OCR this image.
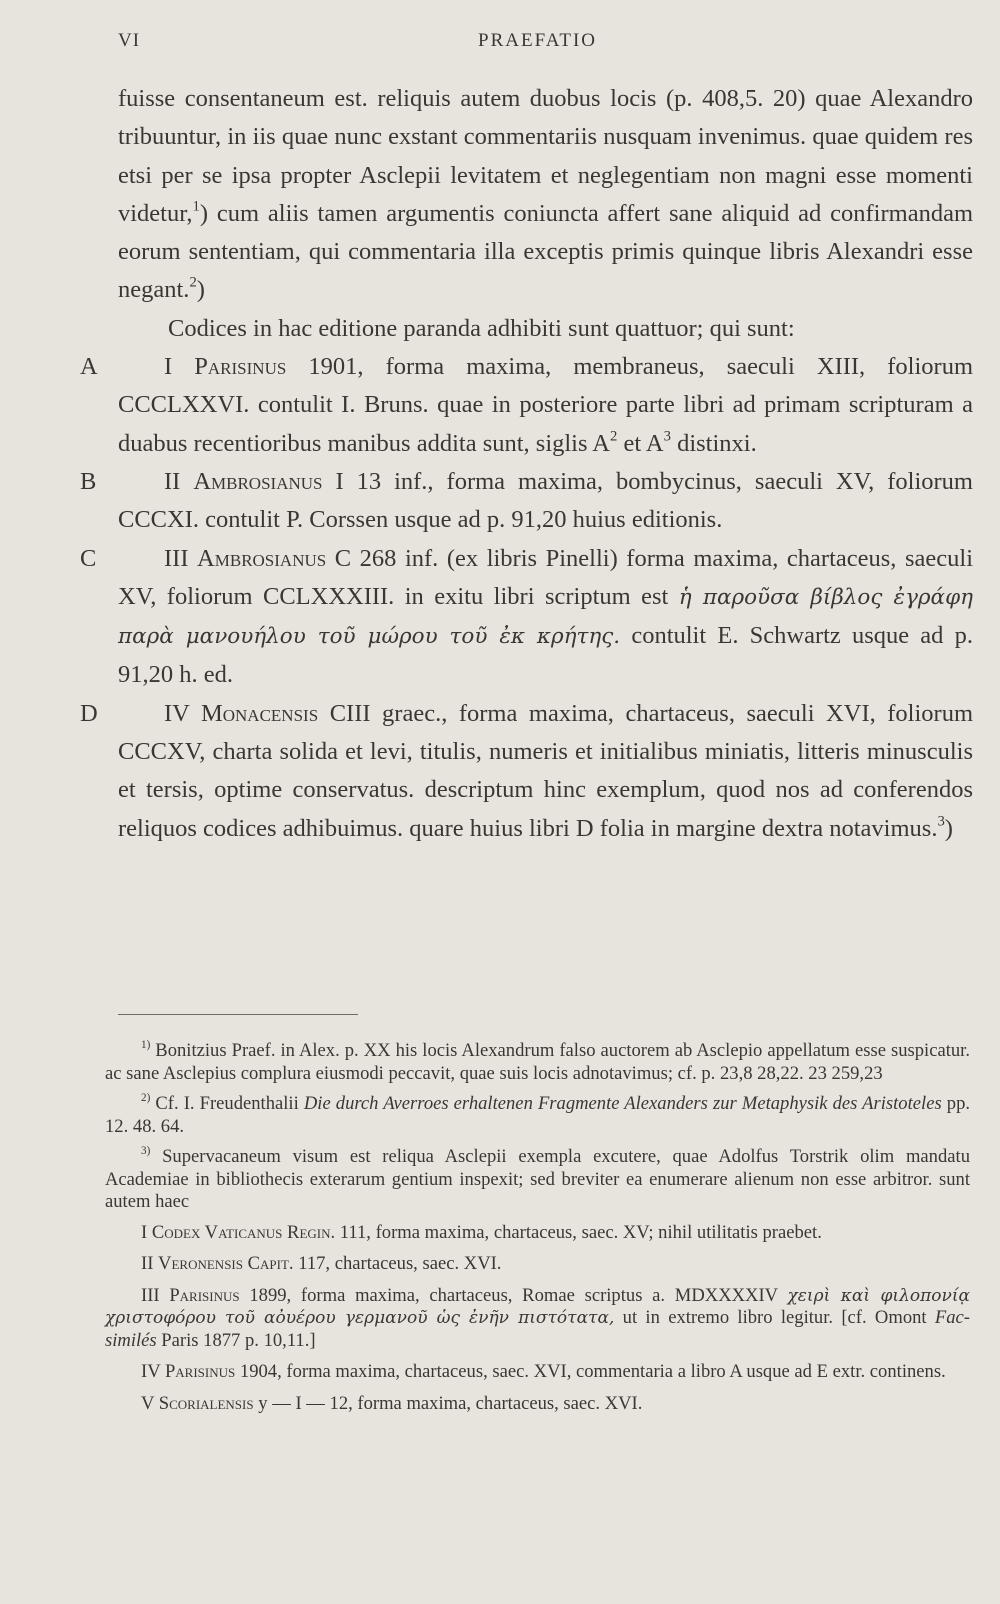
VI	PRAEFATIO

fuisse consentaneum est. reliquis autem duobus locis (p. 408,5. 20) quae Alexandro tribuuntur, in iis quae nunc exstant commentariis nusquam invenimus. quae quidem res etsi per se ipsa propter Asclepii levitatem et neglegentiam non magni esse momenti videtur,$^1$) cum aliis tamen argumentis coniuncta affert sane aliquid ad confirmandam eorum sententiam, qui commentaria illa exceptis primis quinque libris Alexandri esse negant.$^2$)

Codices in hac editione paranda adhibiti sunt quattuor; qui sunt:

A	I Parisinus 1901, forma maxima, membraneus, saeculi XIII, foliorum CCCLXXVI. contulit I. Bruns. quae in posteriore parte libri ad primam scripturam a duabus recentioribus manibus addita sunt, siglis $A^2$ et $A^3$ distinxi.

B	II Ambrosianus I 13 inf., forma maxima, bombycinus, saeculi XV, foliorum CCCXI. contulit P. Corssen usque ad p. 91,20 huius editionis.

C	III Ambrosianus C 268 inf. (ex libris Pinelli) forma maxima, chartaceus, saeculi XV, foliorum CCLXXXIII. in exitu libri scriptum est ἡ παροῦσα βίβλος ἐγράφη παρὰ μανουήλου τοῦ μώρου τοῦ ἐκ κρήτης. contulit E. Schwartz usque ad p. 91,20 h. ed.

D	IV Monacensis CIII graec., forma maxima, chartaceus, saeculi XVI, foliorum CCCXV, charta solida et levi, titulis, numeris et initialibus miniatis, litteris minusculis et tersis, optime conservatus. descriptum hinc exemplum, quod nos ad conferendos reliquos codices adhibuimus. quare huius libri D folia in margine dextra notavimus.$^3$)

$^{1)}$ Bonitzius Praef. in Alex. p. XX his locis Alexandrum falso auctorem ab Asclepio appellatum esse suspicatur. ac sane Asclepius complura eiusmodi peccavit, quae suis locis adnotavimus; cf. p. 23,8 28,22. 23 259,23

$^{2)}$ Cf. I. Freudenthalii Die durch Averroes erhaltenen Fragmente Alexanders zur Metaphysik des Aristoteles pp. 12. 48. 64.

$^{3)}$ Supervacaneum visum est reliqua Asclepii exempla excutere, quae Adolfus Torstrik olim mandatu Academiae in bibliothecis exterarum gentium inspexit; sed breviter ea enumerare alienum non esse arbitror. sunt autem haec

I Codex Vaticanus Regin. 111, forma maxima, chartaceus, saec. XV; nihil utilitatis praebet.

II Veronensis Capit. 117, chartaceus, saec. XVI.

III Parisinus 1899, forma maxima, chartaceus, Romae scriptus a. MDXXXXIV χειρὶ καὶ φιλοπονίᾳ χριστοφόρου τοῦ αὀυέρου γερμανοῦ ὡς ἐνῆν πιστότατα, ut in extremo libro legitur. [cf. Omont Fac-similés Paris 1877 p. 10,11.]

IV Parisinus 1904, forma maxima, chartaceus, saec. XVI, commentaria a libro A usque ad E extr. continens.

V Scorialensis y — I — 12, forma maxima, chartaceus, saec. XVI.
